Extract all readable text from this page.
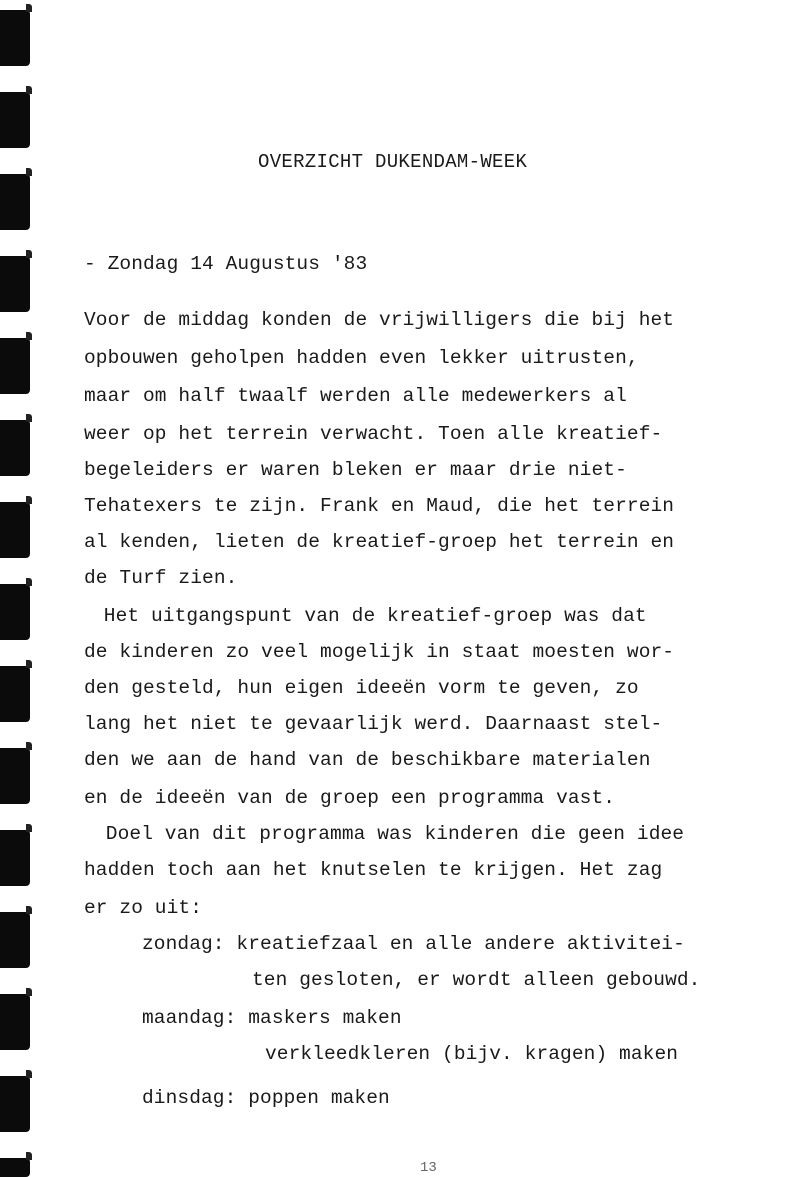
OVERZICHT DUKENDAM-WEEK
- Zondag 14 Augustus '83
Voor de middag konden de vrijwilligers die bij het
opbouwen geholpen hadden even lekker uitrusten,
maar om half twaalf werden alle medewerkers al
weer op het terrein verwacht. Toen alle kreatief-
begeleiders er waren bleken er maar drie niet-
Tehatexers te zijn. Frank en Maud, die het terrein
al kenden, lieten de kreatief-groep het terrein en
de Turf zien.
Het uitgangspunt van de kreatief-groep was dat
de kinderen zo veel mogelijk in staat moesten wor-
den gesteld, hun eigen ideeën vorm te geven, zo
lang het niet te gevaarlijk werd. Daarnaast stel-
den we aan de hand van de beschikbare materialen
en de ideeën van de groep een programma vast.
Doel van dit programma was kinderen die geen idee
hadden toch aan het knutselen te krijgen. Het zag
er zo uit:
zondag: kreatiefzaal en alle andere aktivitei-
ten gesloten, er wordt alleen gebouwd.
maandag: maskers maken
verkleedkleren (bijv. kragen) maken
dinsdag: poppen maken
13
